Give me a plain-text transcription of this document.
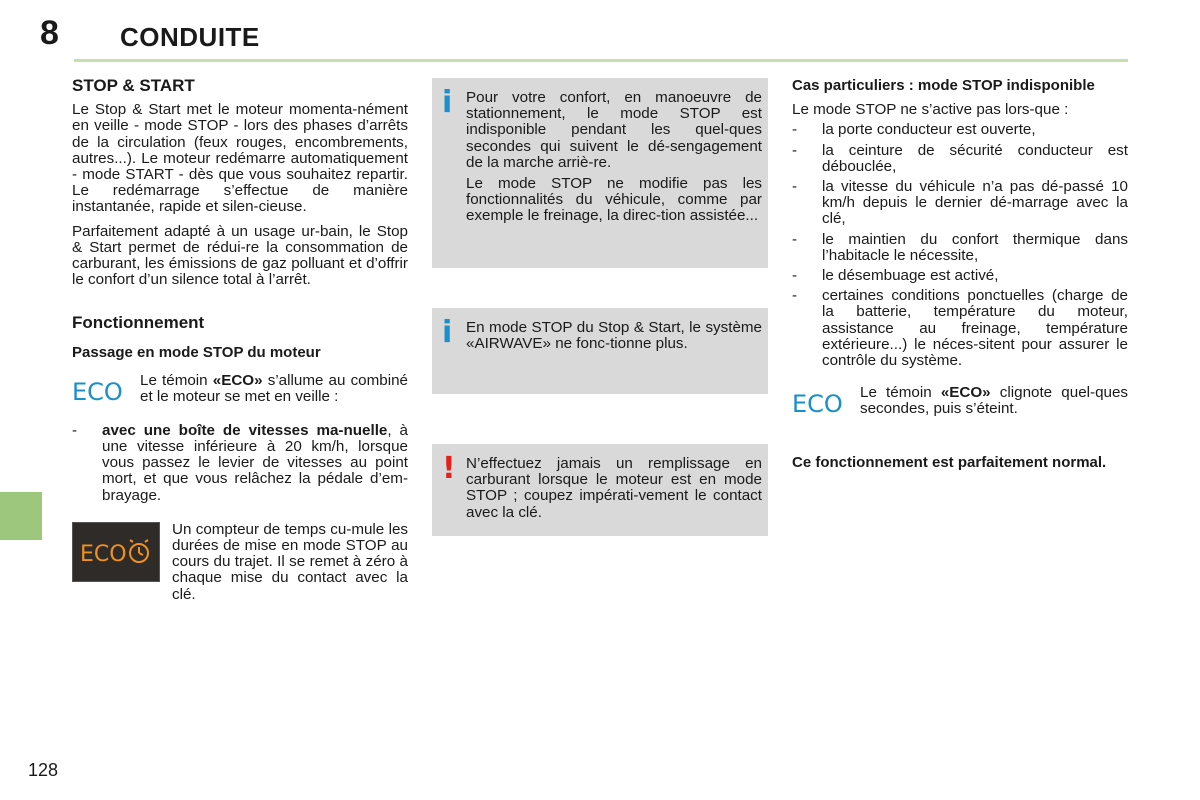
8 CONDUITE
128

STOP & START

Le Stop & Start met le moteur momenta-nément en veille - mode STOP - lors des phases d’arrêts de la circulation (feux rouges, encombrements, autres...). Le moteur redémarre automatiquement - mode START - dès que vous souhaitez repartir. Le redémarrage s’effectue de manière instantanée, rapide et silen-cieuse.

Parfaitement adapté à un usage ur-bain, le Stop & Start permet de rédui-re la consommation de carburant, les émissions de gaz polluant et d’offrir le confort d’un silence total à l’arrêt.

Fonctionnement

Passage en mode STOP du moteur

ECO Le témoin «ECO» s’allume au combiné et le moteur se met en veille :

- avec une boîte de vitesses ma-nuelle, à une vitesse inférieure à 20 km/h, lorsque vous passez le levier de vitesses au point mort, et que vous relâchez la pédale d’em-brayage.
ECO

Un compteur de temps cu-mule les durées de mise en mode STOP au cours du trajet. Il se remet à zéro à chaque mise du contact avec la clé.

i Pour votre confort, en manoeuvre de stationnement, le mode STOP est indisponible pendant les quel-ques secondes qui suivent le dé-sengagement de la marche arriè-re.

Le mode STOP ne modifie pas les fonctionnalités du véhicule, comme par exemple le freinage, la direc-tion assistée...

i En mode STOP du Stop & Start, le système «AIRWAVE» ne fonc-tionne plus.

! N’effectuez jamais un remplissage en carburant lorsque le moteur est en mode STOP ; coupez impérati-vement le contact avec la clé.

Cas particuliers : mode STOP indisponible

Le mode STOP ne s’active pas lors-que :

- la porte conducteur est ouverte,
- la ceinture de sécurité conducteur est débouclée,
- la vitesse du véhicule n’a pas dé-passé 10 km/h depuis le dernier dé-marrage avec la clé,
- le maintien du confort thermique dans l’habitacle le nécessite,
- le désembuage est activé,
- certaines conditions ponctuelles (charge de la batterie, température du moteur, assistance au freinage, température extérieure...) le néces-sitent pour assurer le contrôle du système.
ECO Le témoin «ECO» clignote quel-ques secondes, puis s’éteint.

Ce fonctionnement est parfaitement normal.
